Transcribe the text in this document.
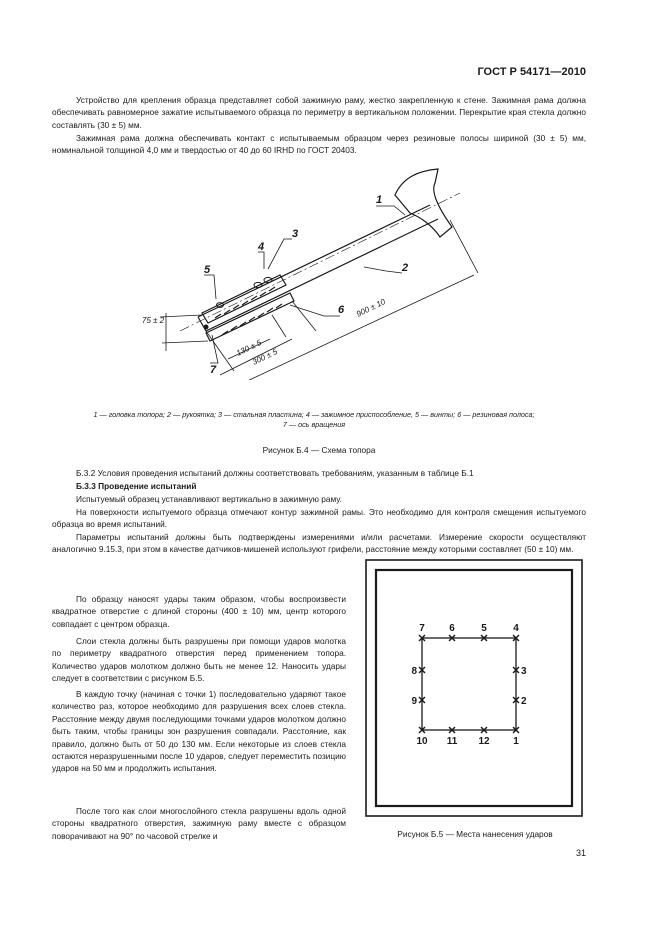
ГОСТ Р 54171—2010
Устройство для крепления образца представляет собой зажимную раму, жестко закрепленную к стене. Зажимная рама должна обеспечивать равномерное зажатие испытываемого образца по периметру в вертикальном положении. Перекрытие края стекла должно составлять (30 ± 5) мм.
Зажимная рама должна обеспечивать контакт с испытываемым образцом через резиновые полосы шириной (30 ± 5) мм, номинальной толщиной 4,0 мм и твердостью от 40 до 60 IRHD по ГОСТ 20403.
1
2
3
4
5
6
7
75 ± 2
130 ± 5
300 ± 5
900 ± 10
1 — головка топора; 2 — рукоятка; 3 — стальная пластина; 4 — зажимное приспособление, 5 — винты; 6 — резиновая полоса;
7 — ось вращения
Рисунок Б.4 — Схема топора
Б.3.2 Условия проведения испытаний должны соответствовать требованиям, указанным в таблице Б.1
Б.3.3 Проведение испытаний
Испытуемый образец устанавливают вертикально в зажимную раму.
На поверхности испытуемого образца отмечают контур зажимной рамы. Это необходимо для контроля смещения испытуемого образца во время испытаний.
Параметры испытаний должны быть подтверждены измерениями и/или расчетами. Измерение скорости осуществляют аналогично 9.15.3, при этом в качестве датчиков-мишеней используют грифели, расстояние между которыми составляет (50 ± 10) мм.
По образцу наносят удары таким образом, чтобы воспроизвести квадратное отверстие с длиной стороны (400 ± 10) мм, центр которого совпадает с центром образца.
Слои стекла должны быть разрушены при помощи ударов молотка по периметру квадратного отверстия перед применением топора. Количество ударов молотком должно быть не менее 12. Наносить удары следует в соответствии с рисунком Б.5.
В каждую точку (начиная с точки 1) последовательно ударяют такое количество раз, которое необходимо для разрушения всех слоев стекла. Расстояние между двумя последующими точками ударов молотком должно быть таким, чтобы границы зон разрушения совпадали. Расстояние, как правило, должно быть от 50 до 130 мм. Если некоторые из слоев стекла остаются неразрушенными после 10 ударов, следует переместить позицию ударов на 50 мм и продолжить испытания.
После того как слои многослойного стекла разрушены вдоль одной стороны квадратного отверстия, зажимную раму вместе с образцом поворачивают на 90° по часовой стрелке и
1
2
3
4
5
6
7
8
9
10 11 12
Рисунок Б.5 — Места нанесения ударов
31
